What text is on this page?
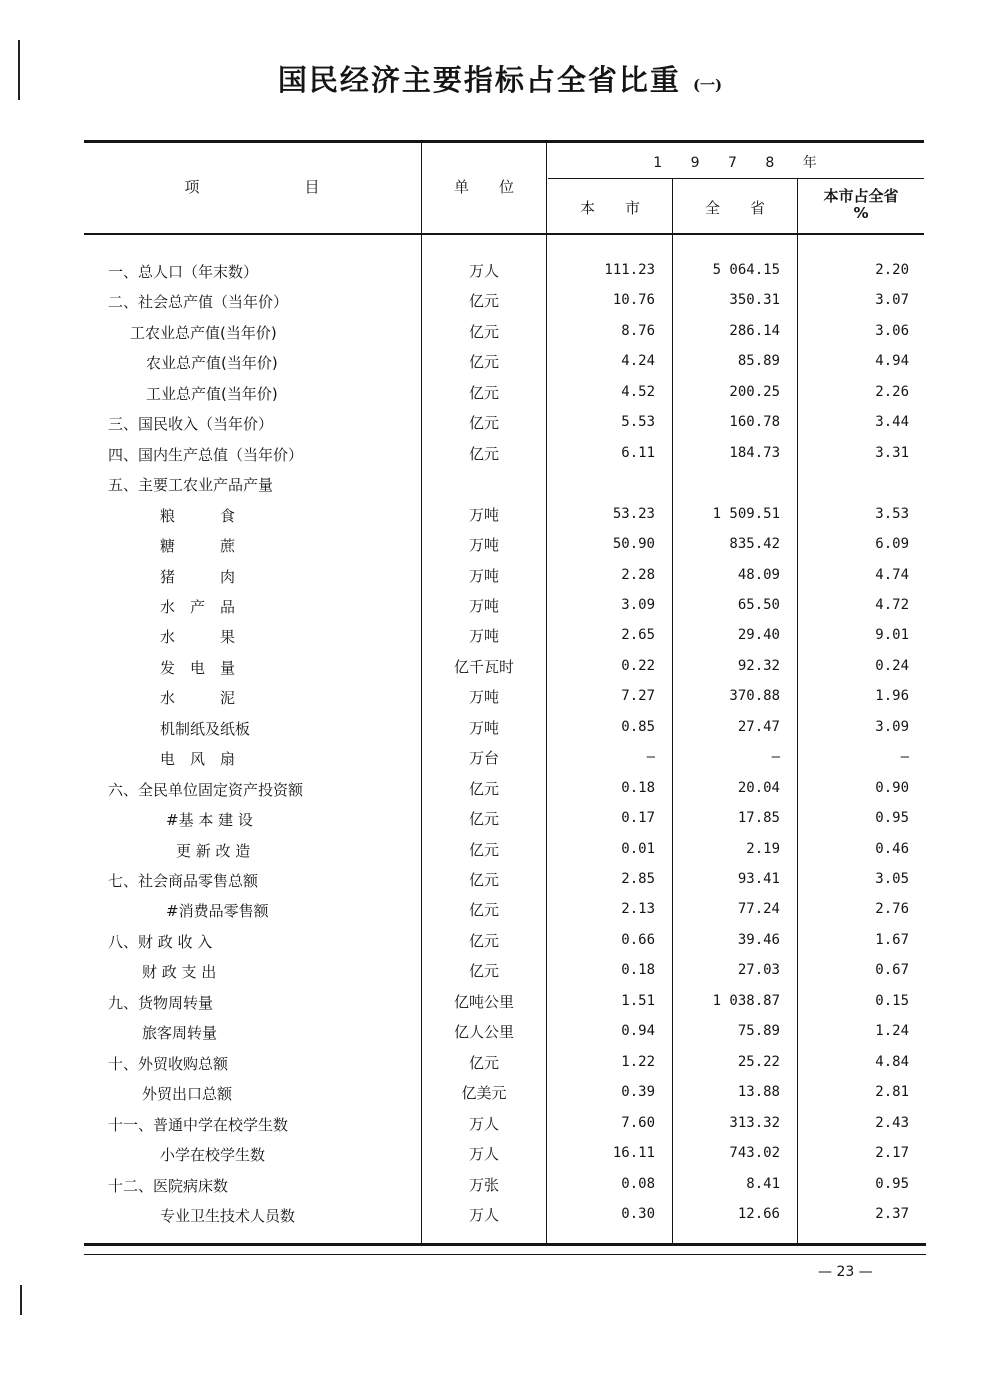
国民经济主要指标占全省比重 (一)
项　　　　　　　目	单　　位
1 9 7 8 年
本　　市	全　　省
本市占全省
%
一、总人口（年末数）	万人	111.23	5 064.15	2.20
二、社会总产值（当年价）	亿元	10.76	350.31	3.07
工农业总产值(当年价)	亿元	8.76	286.14	3.06
农业总产值(当年价)	亿元	4.24	85.89	4.94
工业总产值(当年价)	亿元	4.52	200.25	2.26
三、国民收入（当年价）	亿元	5.53	160.78	3.44
四、国内生产总值（当年价）	亿元	6.11	184.73	3.31
五、主要工农业产品产量
粮　　　食	万吨	53.23	1 509.51	3.53
糖　　　蔗	万吨	50.90	835.42	6.09
猪　　　肉	万吨	2.28	48.09	4.74
水　产　品	万吨	3.09	65.50	4.72
水　　　果	万吨	2.65	29.40	9.01
发　电　量	亿千瓦时	0.22	92.32	0.24
水　　　泥	万吨	7.27	370.88	1.96
机制纸及纸板	万吨	0.85	27.47	3.09
电　风　扇	万台	—	—	—
六、全民单位固定资产投资额	亿元	0.18	20.04	0.90
#基 本 建 设	亿元	0.17	17.85	0.95
更 新 改 造	亿元	0.01	2.19	0.46
七、社会商品零售总额	亿元	2.85	93.41	3.05
#消费品零售额	亿元	2.13	77.24	2.76
八、财 政 收 入	亿元	0.66	39.46	1.67
财 政 支 出	亿元	0.18	27.03	0.67
九、货物周转量	亿吨公里	1.51	1 038.87	0.15
旅客周转量	亿人公里	0.94	75.89	1.24
十、外贸收购总额	亿元	1.22	25.22	4.84
外贸出口总额	亿美元	0.39	13.88	2.81
十一、普通中学在校学生数	万人	7.60	313.32	2.43
小学在校学生数	万人	16.11	743.02	2.17
十二、医院病床数	万张	0.08	8.41	0.95
专业卫生技术人员数	万人	0.30	12.66	2.37
— 23 —
